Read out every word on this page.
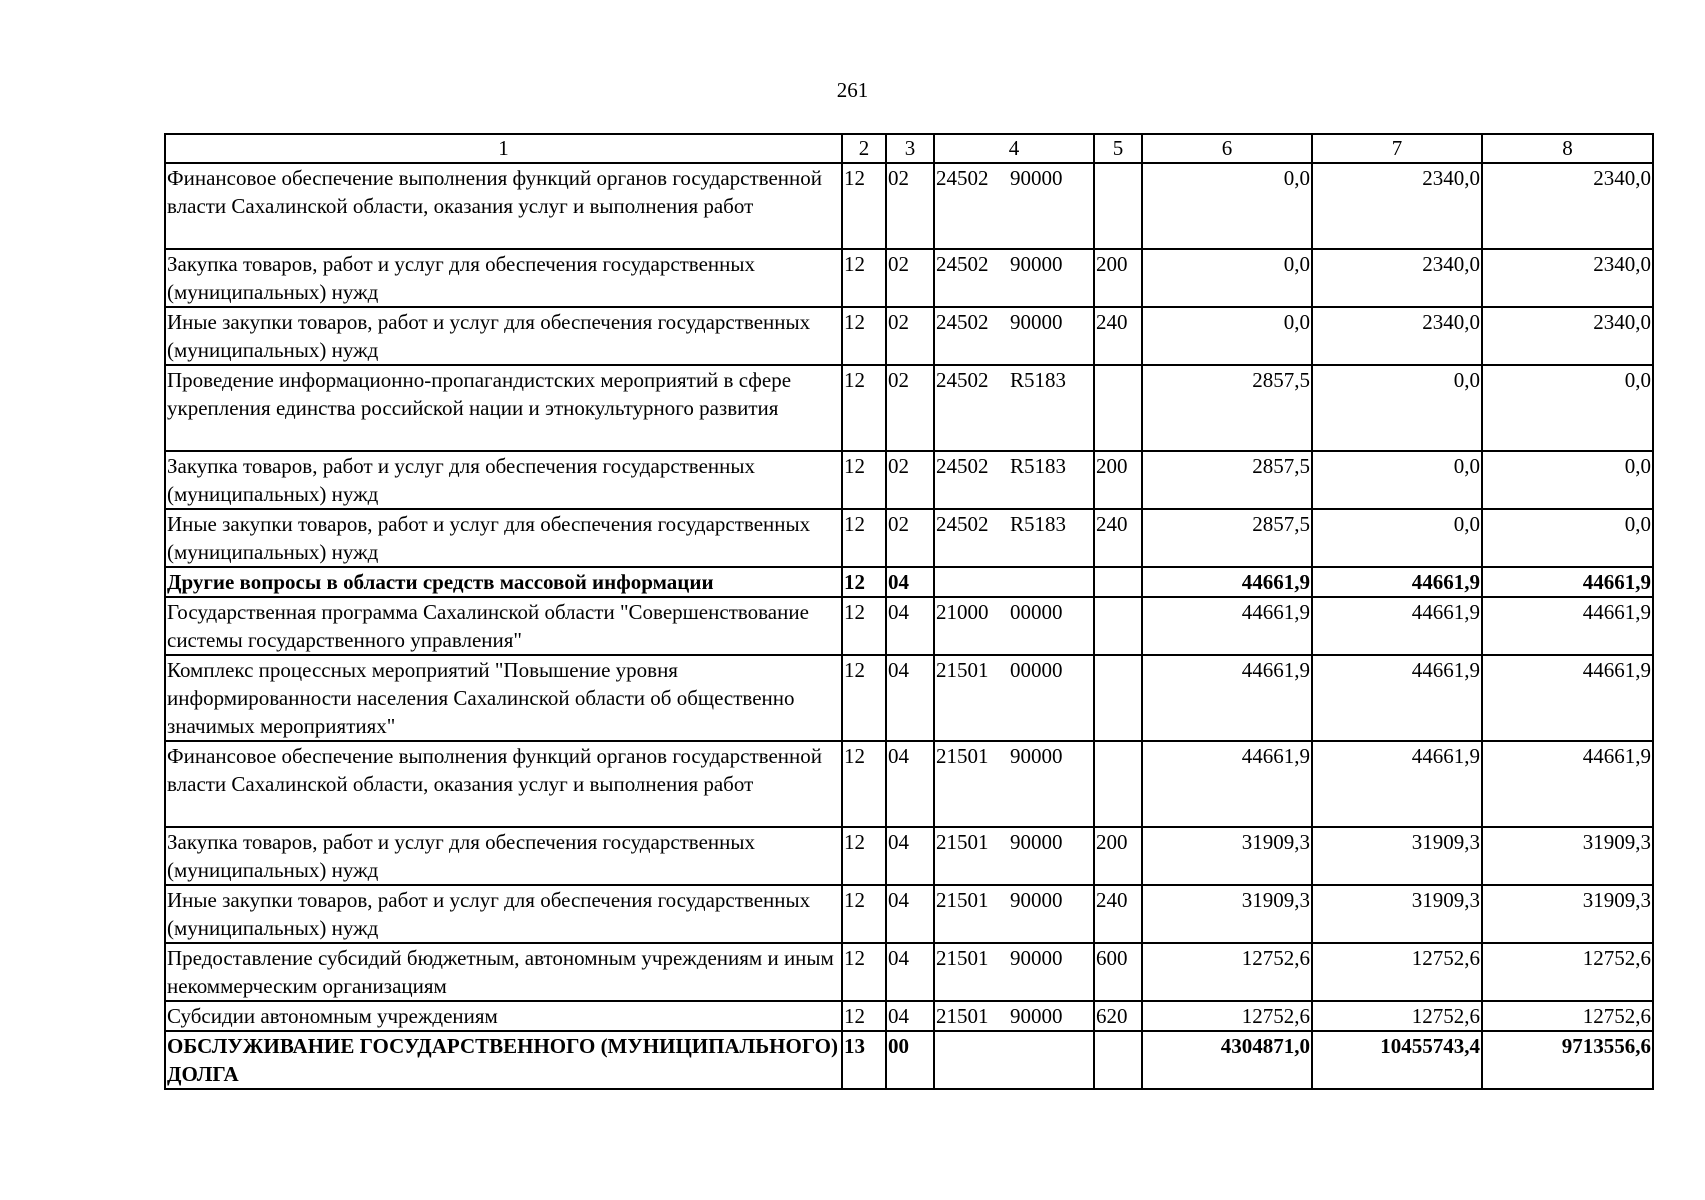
261
1	2	3	4	5	6	7	8
Финансовое обеспечение выполнения функций органов государственной власти Сахалинской области, оказания услуг и выполнения работ	12	02	24502 90000		0,0	2340,0	2340,0
Закупка товаров, работ и услуг для обеспечения государственных (муниципальных) нужд	12	02	24502 90000	200	0,0	2340,0	2340,0
Иные закупки товаров, работ и услуг для обеспечения государственных (муниципальных) нужд	12	02	24502 90000	240	0,0	2340,0	2340,0
Проведение информационно-пропагандистских мероприятий в сфере укрепления единства российской нации и этнокультурного развития	12	02	24502 R5183		2857,5	0,0	0,0
Закупка товаров, работ и услуг для обеспечения государственных (муниципальных) нужд	12	02	24502 R5183	200	2857,5	0,0	0,0
Иные закупки товаров, работ и услуг для обеспечения государственных (муниципальных) нужд	12	02	24502 R5183	240	2857,5	0,0	0,0
Другие вопросы в области средств массовой информации	12	04			44661,9	44661,9	44661,9
Государственная программа Сахалинской области "Совершенствование системы государственного управления"	12	04	21000 00000		44661,9	44661,9	44661,9
Комплекс процессных мероприятий "Повышение уровня информированности населения Сахалинской области об общественно значимых мероприятиях"	12	04	21501 00000		44661,9	44661,9	44661,9
Финансовое обеспечение выполнения функций органов государственной власти Сахалинской области, оказания услуг и выполнения работ	12	04	21501 90000		44661,9	44661,9	44661,9
Закупка товаров, работ и услуг для обеспечения государственных (муниципальных) нужд	12	04	21501 90000	200	31909,3	31909,3	31909,3
Иные закупки товаров, работ и услуг для обеспечения государственных (муниципальных) нужд	12	04	21501 90000	240	31909,3	31909,3	31909,3
Предоставление субсидий бюджетным, автономным учреждениям и иным некоммерческим организациям	12	04	21501 90000	600	12752,6	12752,6	12752,6
Субсидии автономным учреждениям	12	04	21501 90000	620	12752,6	12752,6	12752,6
ОБСЛУЖИВАНИЕ ГОСУДАРСТВЕННОГО (МУНИЦИПАЛЬНОГО) ДОЛГА	13	00			4304871,0	10455743,4	9713556,6
